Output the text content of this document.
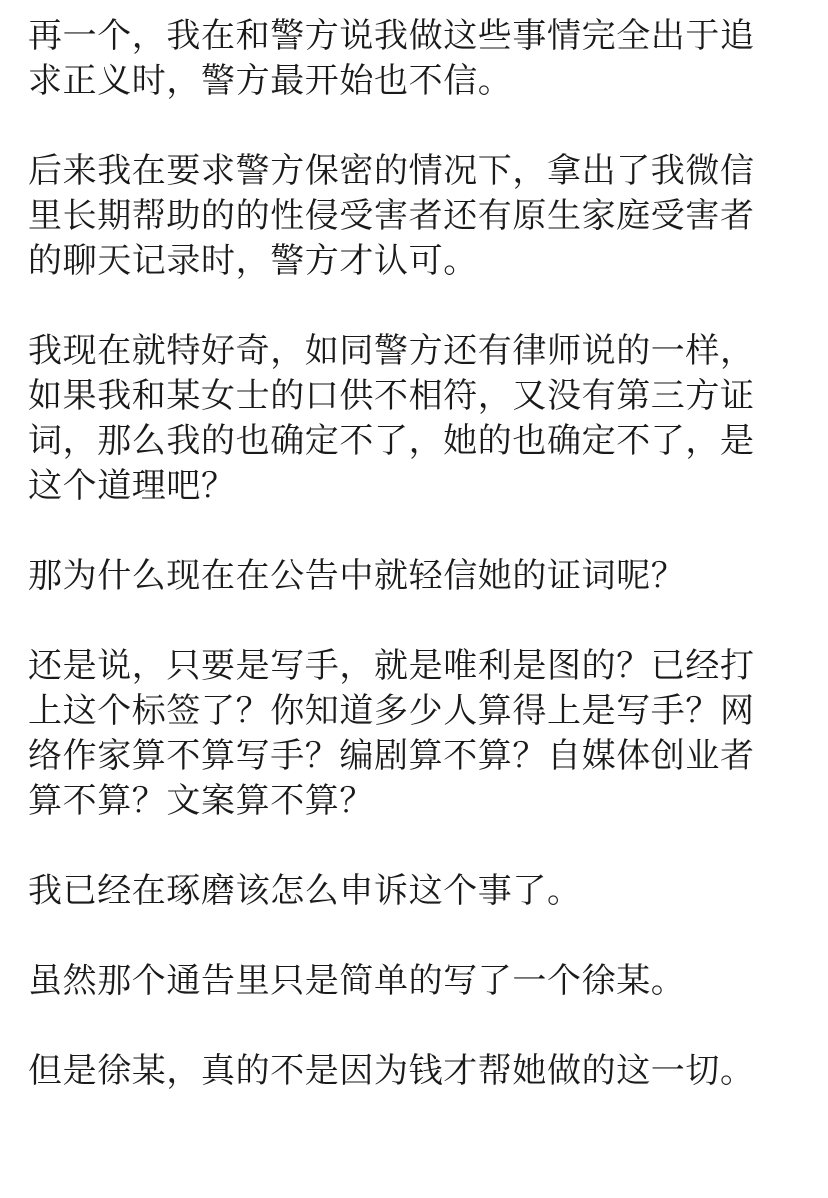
再一个，我在和警方说我做这些事情完全出于追
求正义时，警方最开始也不信。
后来我在要求警方保密的情况下，拿出了我微信
里长期帮助的的性侵受害者还有原生家庭受害者
的聊天记录时，警方才认可。
我现在就特好奇，如同警方还有律师说的一样，
如果我和某女士的口供不相符，又没有第三方证
词，那么我的也确定不了，她的也确定不了，是
这个道理吧？
那为什么现在在公告中就轻信她的证词呢？
还是说，只要是写手，就是唯利是图的？已经打
上这个标签了？你知道多少人算得上是写手？网
络作家算不算写手？编剧算不算？自媒体创业者
算不算？文案算不算？
我已经在琢磨该怎么申诉这个事了。
虽然那个通告里只是简单的写了一个徐某。
但是徐某，真的不是因为钱才帮她做的这一切。
